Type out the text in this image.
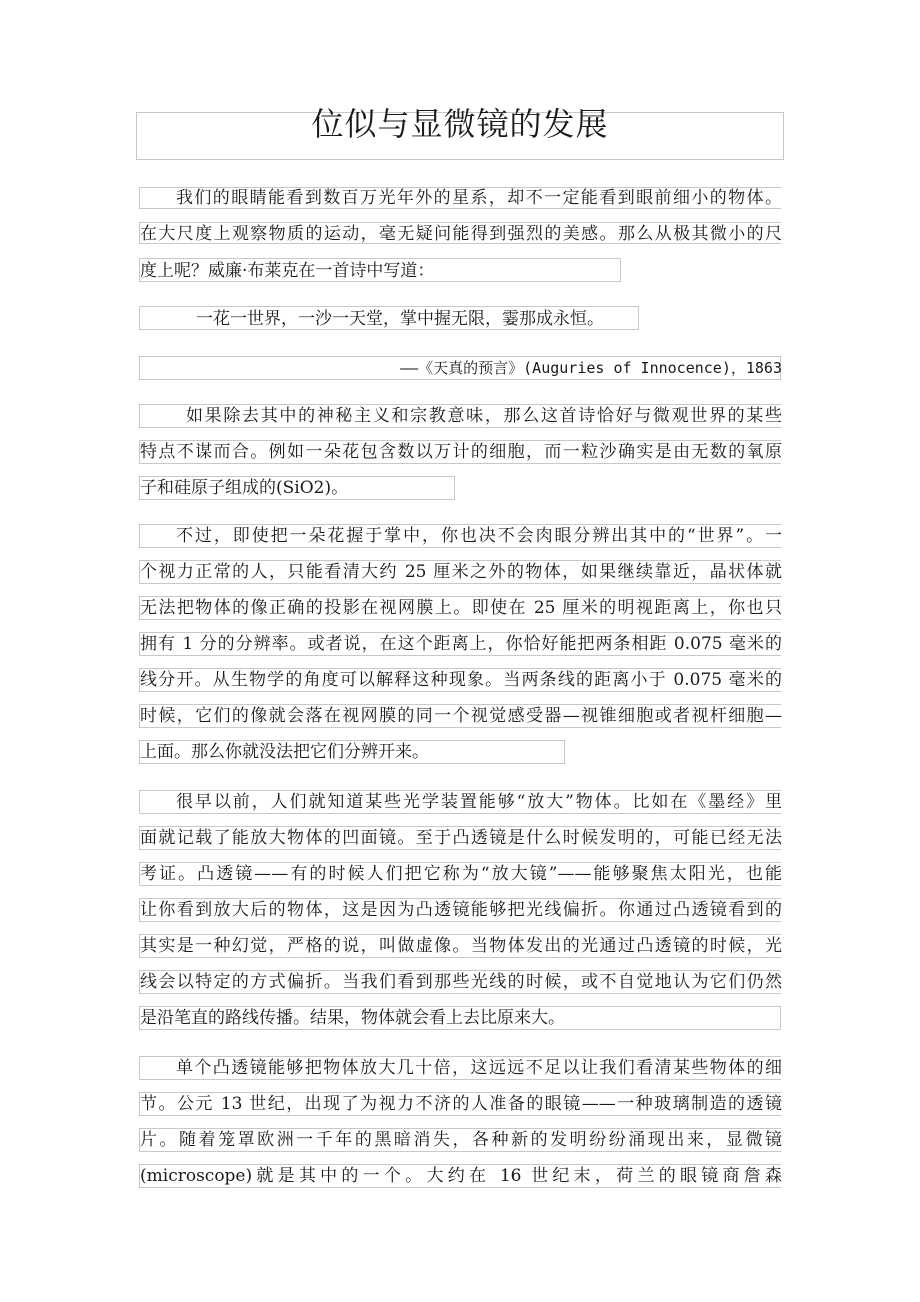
位似与显微镜的发展
我们的眼睛能看到数百万光年外的星系，却不一定能看到眼前细小的物体。
在大尺度上观察物质的运动，毫无疑问能得到强烈的美感。那么从极其微小的尺
度上呢？威廉·布莱克在一首诗中写道：
一花一世界，一沙一天堂，掌中握无限，霎那成永恒。
——《天真的预言》(Auguries of Innocence)，1863
如果除去其中的神秘主义和宗教意味，那么这首诗恰好与微观世界的某些
特点不谋而合。例如一朵花包含数以万计的细胞，而一粒沙确实是由无数的氧原
子和硅原子组成的(SiO2)。
不过，即使把一朵花握于掌中，你也决不会肉眼分辨出其中的“世界”。一
个视力正常的人，只能看清大约 25 厘米之外的物体，如果继续靠近，晶状体就
无法把物体的像正确的投影在视网膜上。即使在 25 厘米的明视距离上，你也只
拥有 1 分的分辨率。或者说，在这个距离上，你恰好能把两条相距 0.075 毫米的
线分开。从生物学的角度可以解释这种现象。当两条线的距离小于 0.075 毫米的
时候，它们的像就会落在视网膜的同一个视觉感受器—视锥细胞或者视杆细胞—
上面。那么你就没法把它们分辨开来。
很早以前，人们就知道某些光学装置能够“放大”物体。比如在《墨经》里
面就记载了能放大物体的凹面镜。至于凸透镜是什么时候发明的，可能已经无法
考证。凸透镜——有的时候人们把它称为“放大镜”——能够聚焦太阳光，也能
让你看到放大后的物体，这是因为凸透镜能够把光线偏折。你通过凸透镜看到的
其实是一种幻觉，严格的说，叫做虚像。当物体发出的光通过凸透镜的时候，光
线会以特定的方式偏折。当我们看到那些光线的时候，或不自觉地认为它们仍然
是沿笔直的路线传播。结果，物体就会看上去比原来大。
单个凸透镜能够把物体放大几十倍，这远远不足以让我们看清某些物体的细
节。公元 13 世纪，出现了为视力不济的人准备的眼镜——一种玻璃制造的透镜
片。随着笼罩欧洲一千年的黑暗消失，各种新的发明纷纷涌现出来，显微镜
(microscope)就是其中的一个。大约在 16 世纪末，荷兰的眼镜商詹森
